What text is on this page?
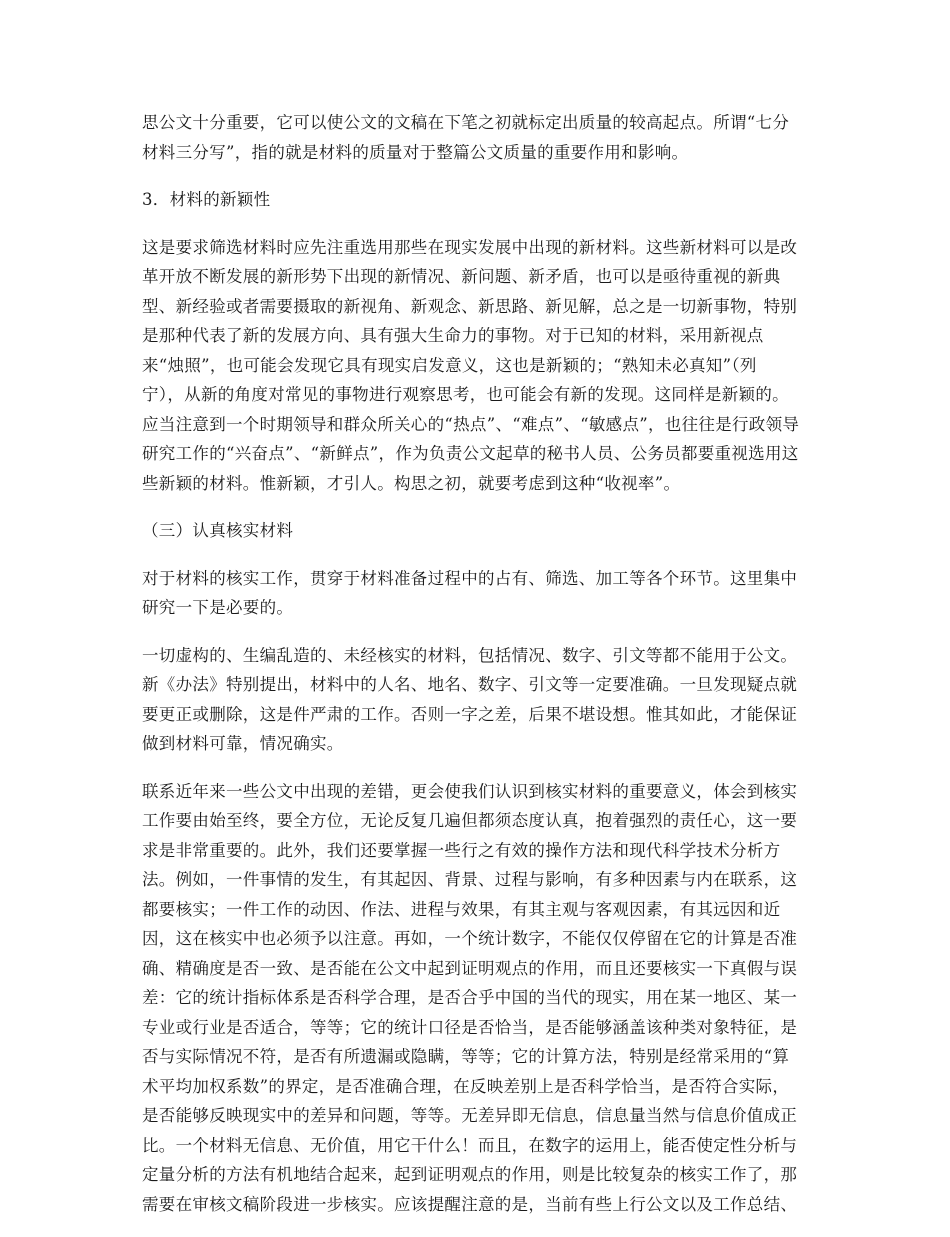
思公文十分重要，它可以使公文的文稿在下笔之初就标定出质量的较高起点。所谓“七分
材料三分写”，指的就是材料的质量对于整篇公文质量的重要作用和影响。

3．材料的新颖性

这是要求筛选材料时应先注重选用那些在现实发展中出现的新材料。这些新材料可以是改
革开放不断发展的新形势下出现的新情况、新问题、新矛盾，也可以是亟待重视的新典
型、新经验或者需要摄取的新视角、新观念、新思路、新见解，总之是一切新事物，特别
是那种代表了新的发展方向、具有强大生命力的事物。对于已知的材料，采用新视点
来“烛照”，也可能会发现它具有现实启发意义，这也是新颖的；“熟知未必真知”（列
宁），从新的角度对常见的事物进行观察思考，也可能会有新的发现。这同样是新颖的。
应当注意到一个时期领导和群众所关心的“热点”、“难点”、“敏感点”，也往往是行政领导
研究工作的“兴奋点”、“新鲜点”，作为负责公文起草的秘书人员、公务员都要重视选用这
些新颖的材料。惟新颖，才引人。构思之初，就要考虑到这种“收视率”。

（三）认真核实材料

对于材料的核实工作，贯穿于材料准备过程中的占有、筛选、加工等各个环节。这里集中
研究一下是必要的。

一切虚构的、生编乱造的、未经核实的材料，包括情况、数字、引文等都不能用于公文。
新《办法》特别提出，材料中的人名、地名、数字、引文等一定要准确。一旦发现疑点就
要更正或删除，这是件严肃的工作。否则一字之差，后果不堪设想。惟其如此，才能保证
做到材料可靠，情况确实。

联系近年来一些公文中出现的差错，更会使我们认识到核实材料的重要意义，体会到核实
工作要由始至终，要全方位，无论反复几遍但都须态度认真，抱着强烈的责任心，这一要
求是非常重要的。此外，我们还要掌握一些行之有效的操作方法和现代科学技术分析方
法。例如，一件事情的发生，有其起因、背景、过程与影响，有多种因素与内在联系，这
都要核实；一件工作的动因、作法、进程与效果，有其主观与客观因素，有其远因和近
因，这在核实中也必须予以注意。再如，一个统计数字，不能仅仅停留在它的计算是否准
确、精确度是否一致、是否能在公文中起到证明观点的作用，而且还要核实一下真假与误
差：它的统计指标体系是否科学合理，是否合乎中国的当代的现实，用在某一地区、某一
专业或行业是否适合，等等；它的统计口径是否恰当，是否能够涵盖该种类对象特征，是
否与实际情况不符，是否有所遗漏或隐瞒，等等；它的计算方法，特别是经常采用的“算
术平均加权系数”的界定，是否准确合理，在反映差别上是否科学恰当，是否符合实际，
是否能够反映现实中的差异和问题，等等。无差异即无信息，信息量当然与信息价值成正
比。一个材料无信息、无价值，用它干什么！而且，在数字的运用上，能否使定性分析与
定量分析的方法有机地结合起来，起到证明观点的作用，则是比较复杂的核实工作了，那
需要在审核文稿阶段进一步核实。应该提醒注意的是，当前有些上行公文以及工作总结、
